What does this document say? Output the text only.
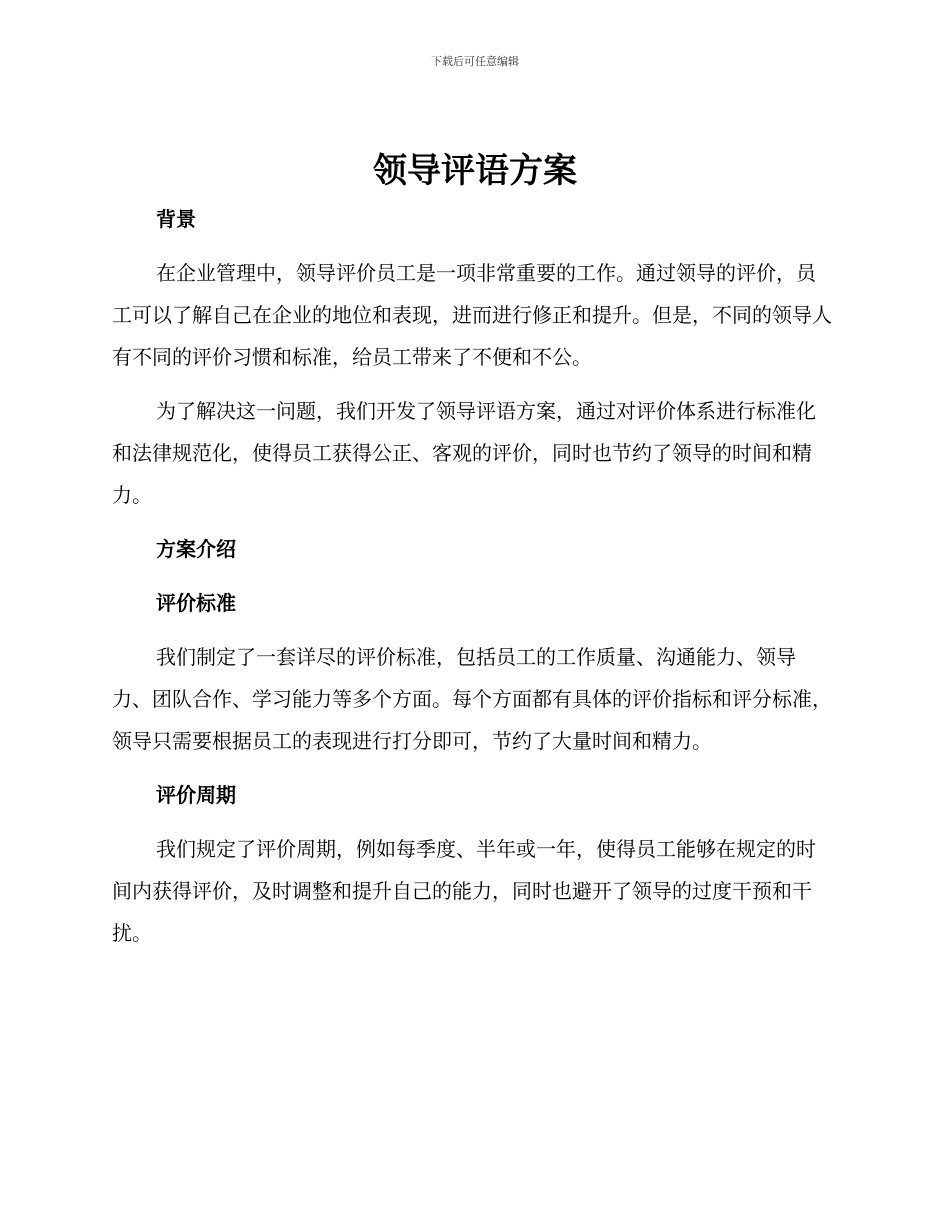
下载后可任意编辑
领导评语方案
背景

在企业管理中，领导评价员工是一项非常重要的工作。通过领导的评价，员工可以了解自己在企业的地位和表现，进而进行修正和提升。但是，不同的领导人有不同的评价习惯和标准，给员工带来了不便和不公。

为了解决这一问题，我们开发了领导评语方案，通过对评价体系进行标准化和法律规范化，使得员工获得公正、客观的评价，同时也节约了领导的时间和精力。

方案介绍
评价标准

我们制定了一套详尽的评价标准，包括员工的工作质量、沟通能力、领导力、团队合作、学习能力等多个方面。每个方面都有具体的评价指标和评分标准，领导只需要根据员工的表现进行打分即可，节约了大量时间和精力。

评价周期

我们规定了评价周期，例如每季度、半年或一年，使得员工能够在规定的时间内获得评价，及时调整和提升自己的能力，同时也避开了领导的过度干预和干扰。
